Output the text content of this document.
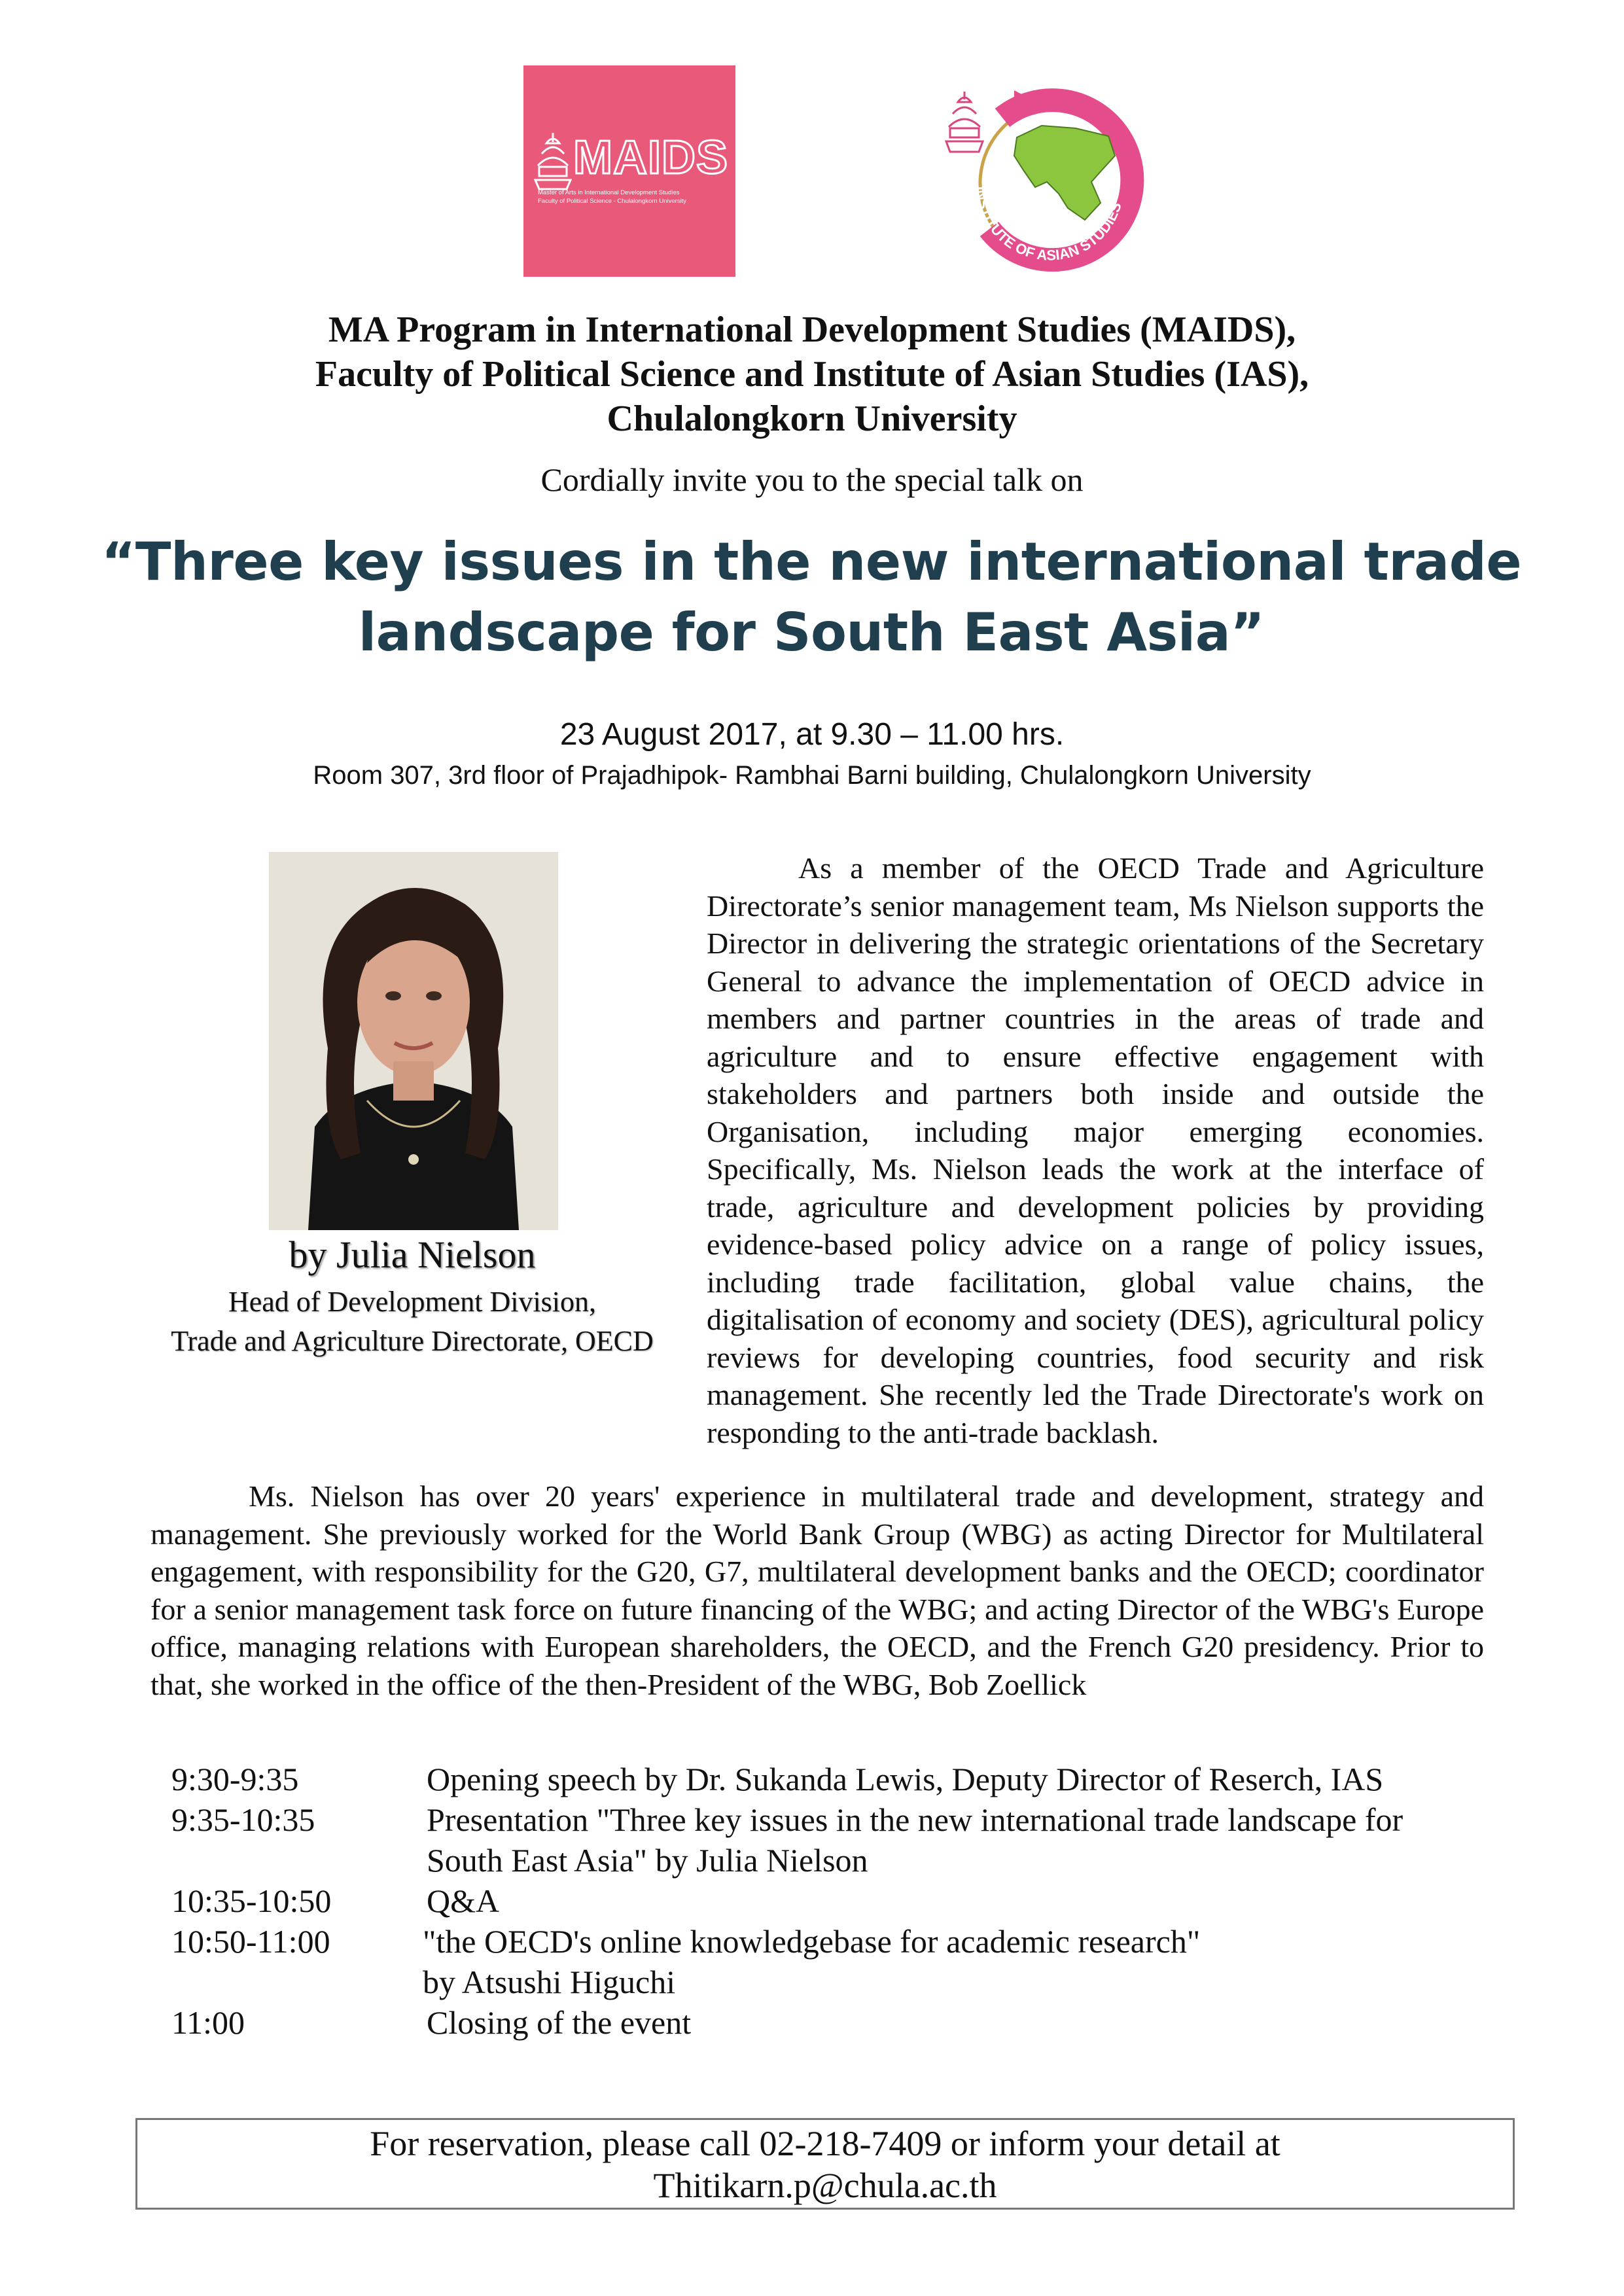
MAIDS
Master of Arts in International Development Studies
Faculty of Political Science - Chulalongkorn University
INSTITUTE OF ASIAN STUDIES
MA Program in International Development Studies (MAIDS),
Faculty of Political Science and Institute of Asian Studies (IAS),
Chulalongkorn University
Cordially invite you to the special talk on
“Three key issues in the new international trade
landscape for South East Asia”
23 August 2017, at 9.30 – 11.00 hrs.
Room 307, 3rd floor of Prajadhipok- Rambhai Barni building, Chulalongkorn University
by Julia Nielson
Head of Development Division,
Trade and Agriculture Directorate, OECD
As a member of the OECD Trade and Agriculture Directorate’s senior management team, Ms Nielson supports the Director in delivering the strategic orientations of the Secretary General to advance the implementation of OECD advice in members and partner countries in the areas of trade and agriculture and to ensure effective engagement with stakeholders and partners both inside and outside the Organisation, including major emerging economies. Specifically, Ms. Nielson leads the work at the interface of trade, agriculture and development policies by providing evidence-based policy advice on a range of policy issues, including trade facilitation, global value chains, the digitalisation of economy and society (DES), agricultural policy reviews for developing countries, food security and risk management. She recently led the Trade Directorate's work on responding to the anti-trade backlash.
Ms. Nielson has over 20 years' experience in multilateral trade and development, strategy and management. She previously worked for the World Bank Group (WBG) as acting Director for Multilateral engagement, with responsibility for the G20, G7, multilateral development banks and the OECD; coordinator for a senior management task force on future financing of the WBG; and acting Director of the WBG's Europe office, managing relations with European shareholders, the OECD, and the French G20 presidency. Prior to that, she worked in the office of the then-President of the WBG, Bob Zoellick
9:30-9:35	Opening speech by Dr. Sukanda Lewis, Deputy Director of Reserch, IAS
9:35-10:35	Presentation "Three key issues in the new international trade landscape for
South East Asia" by Julia Nielson
10:35-10:50	Q&A
10:50-11:00	"the OECD's online knowledgebase for academic research"
by Atsushi Higuchi
11:00	Closing of the event
For reservation, please call 02-218-7409 or inform your detail at
Thitikarn.p@chula.ac.th
